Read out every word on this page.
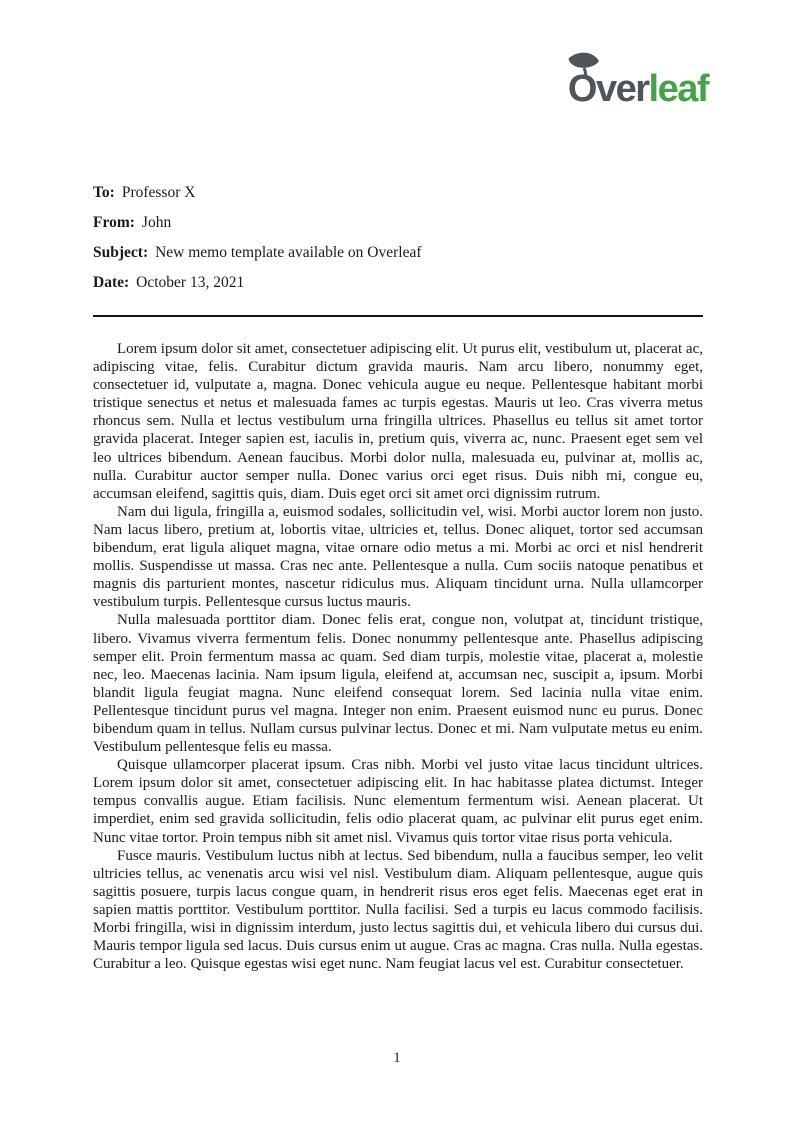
Overleaf
To: Professor X
From: John
Subject: New memo template available on Overleaf
Date: October 13, 2021

Lorem ipsum dolor sit amet, consectetuer adipiscing elit. Ut purus elit, vestibulum ut, placerat ac, adipiscing vitae, felis. Curabitur dictum gravida mauris. Nam arcu libero, nonummy eget, consectetuer id, vulputate a, magna. Donec vehicula augue eu neque. Pellentesque habitant morbi tristique senectus et netus et malesuada fames ac turpis egestas. Mauris ut leo. Cras viverra metus rhoncus sem. Nulla et lectus vestibulum urna fringilla ultrices. Phasellus eu tellus sit amet tortor gravida placerat. Integer sapien est, iaculis in, pretium quis, viverra ac, nunc. Praesent eget sem vel leo ultrices bibendum. Aenean faucibus. Morbi dolor nulla, malesuada eu, pulvinar at, mollis ac, nulla. Curabitur auctor semper nulla. Donec varius orci eget risus. Duis nibh mi, congue eu, accumsan eleifend, sagittis quis, diam. Duis eget orci sit amet orci dignissim rutrum.

Nam dui ligula, fringilla a, euismod sodales, sollicitudin vel, wisi. Morbi auctor lorem non justo. Nam lacus libero, pretium at, lobortis vitae, ultricies et, tellus. Donec aliquet, tortor sed accumsan bibendum, erat ligula aliquet magna, vitae ornare odio metus a mi. Morbi ac orci et nisl hendrerit mollis. Suspendisse ut massa. Cras nec ante. Pellentesque a nulla. Cum sociis natoque penatibus et magnis dis parturient montes, nascetur ridiculus mus. Aliquam tincidunt urna. Nulla ullamcorper vestibulum turpis. Pellentesque cursus luctus mauris.

Nulla malesuada porttitor diam. Donec felis erat, congue non, volutpat at, tincidunt tristique, libero. Vivamus viverra fermentum felis. Donec nonummy pellentesque ante. Phasellus adipiscing semper elit. Proin fermentum massa ac quam. Sed diam turpis, molestie vitae, placerat a, molestie nec, leo. Maecenas lacinia. Nam ipsum ligula, eleifend at, accumsan nec, suscipit a, ipsum. Morbi blandit ligula feugiat magna. Nunc eleifend consequat lorem. Sed lacinia nulla vitae enim. Pellentesque tincidunt purus vel magna. Integer non enim. Praesent euismod nunc eu purus. Donec bibendum quam in tellus. Nullam cursus pulvinar lectus. Donec et mi. Nam vulputate metus eu enim. Vestibulum pellentesque felis eu massa.

Quisque ullamcorper placerat ipsum. Cras nibh. Morbi vel justo vitae lacus tincidunt ultrices. Lorem ipsum dolor sit amet, consectetuer adipiscing elit. In hac habitasse platea dictumst. Integer tempus convallis augue. Etiam facilisis. Nunc elementum fermentum wisi. Aenean placerat. Ut imperdiet, enim sed gravida sollicitudin, felis odio placerat quam, ac pulvinar elit purus eget enim. Nunc vitae tortor. Proin tempus nibh sit amet nisl. Vivamus quis tortor vitae risus porta vehicula.

Fusce mauris. Vestibulum luctus nibh at lectus. Sed bibendum, nulla a faucibus semper, leo velit ultricies tellus, ac venenatis arcu wisi vel nisl. Vestibulum diam. Aliquam pellentesque, augue quis sagittis posuere, turpis lacus congue quam, in hendrerit risus eros eget felis. Maecenas eget erat in sapien mattis porttitor. Vestibulum porttitor. Nulla facilisi. Sed a turpis eu lacus commodo facilisis. Morbi fringilla, wisi in dignissim interdum, justo lectus sagittis dui, et vehicula libero dui cursus dui. Mauris tempor ligula sed lacus. Duis cursus enim ut augue. Cras ac magna. Cras nulla. Nulla egestas. Curabitur a leo. Quisque egestas wisi eget nunc. Nam feugiat lacus vel est. Curabitur consectetuer.

1
